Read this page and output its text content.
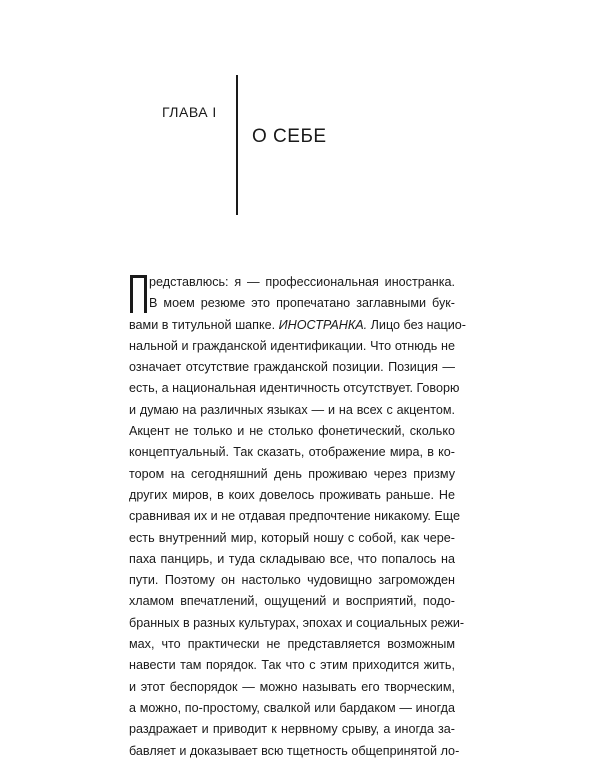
ГЛАВА I
О СЕБЕ
редставлюсь: я — профессиональная иностранка.
В моем резюме это пропечатано заглавными бук-
вами в титульной шапке. ИНОСТРАНКА. Лицо без нацио-
нальной и гражданской идентификации. Что отнюдь не
означает отсутствие гражданской позиции. Позиция —
есть, а национальная идентичность отсутствует. Говорю
и думаю на различных языках — и на всех с акцентом.
Акцент не только и не столько фонетический, сколько
концептуальный. Так сказать, отображение мира, в ко-
тором на сегодняшний день проживаю через призму
других миров, в коих довелось проживать раньше. Не
сравнивая их и не отдавая предпочтение никакому. Еще
есть внутренний мир, который ношу с собой, как чере-
паха панцирь, и туда складываю все, что попалось на
пути. Поэтому он настолько чудовищно загроможден
хламом впечатлений, ощущений и восприятий, подо-
бранных в разных культурах, эпохах и социальных режи-
мах, что практически не представляется возможным
навести там порядок. Так что с этим приходится жить,
и этот беспорядок — можно называть его творческим,
а можно, по-простому, свалкой или бардаком — иногда
раздражает и приводит к нервному срыву, а иногда за-
бавляет и доказывает всю тщетность общепринятой ло-
